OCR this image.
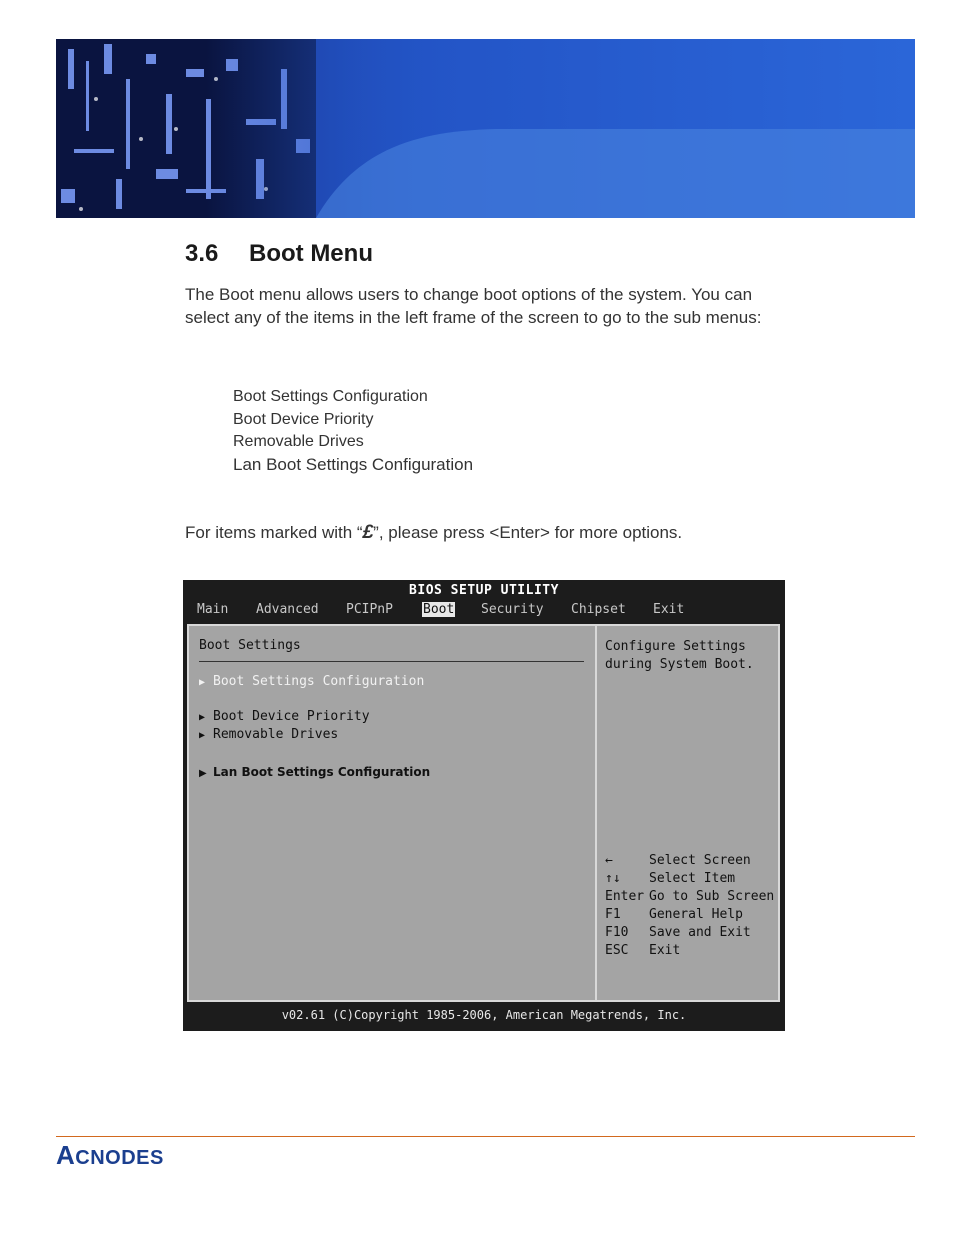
3.6 Boot Menu
The Boot menu allows users to change boot options of the system. You can select any of the items in the left frame of the screen to go to the sub menus:
Boot Settings Configuration
Boot Device Priority
Removable Drives
Lan Boot Settings Configuration
For items marked with “£”, please press <Enter> for more options.
BIOS SETUP UTILITY
Main Advanced PCIPnP Boot Security Chipset Exit
Boot Settings
▶ Boot Settings Configuration
▶ Boot Device Priority
▶ Removable Drives
▶ Lan Boot Settings Configuration
Configure Settings
during System Boot.
←	Select Screen
↑↓ Select Item
Enter Go to Sub Screen
F1 General Help
F10 Save and Exit
ESC Exit
v02.61 (C)Copyright 1985-2006, American Megatrends, Inc.
ACNODES
